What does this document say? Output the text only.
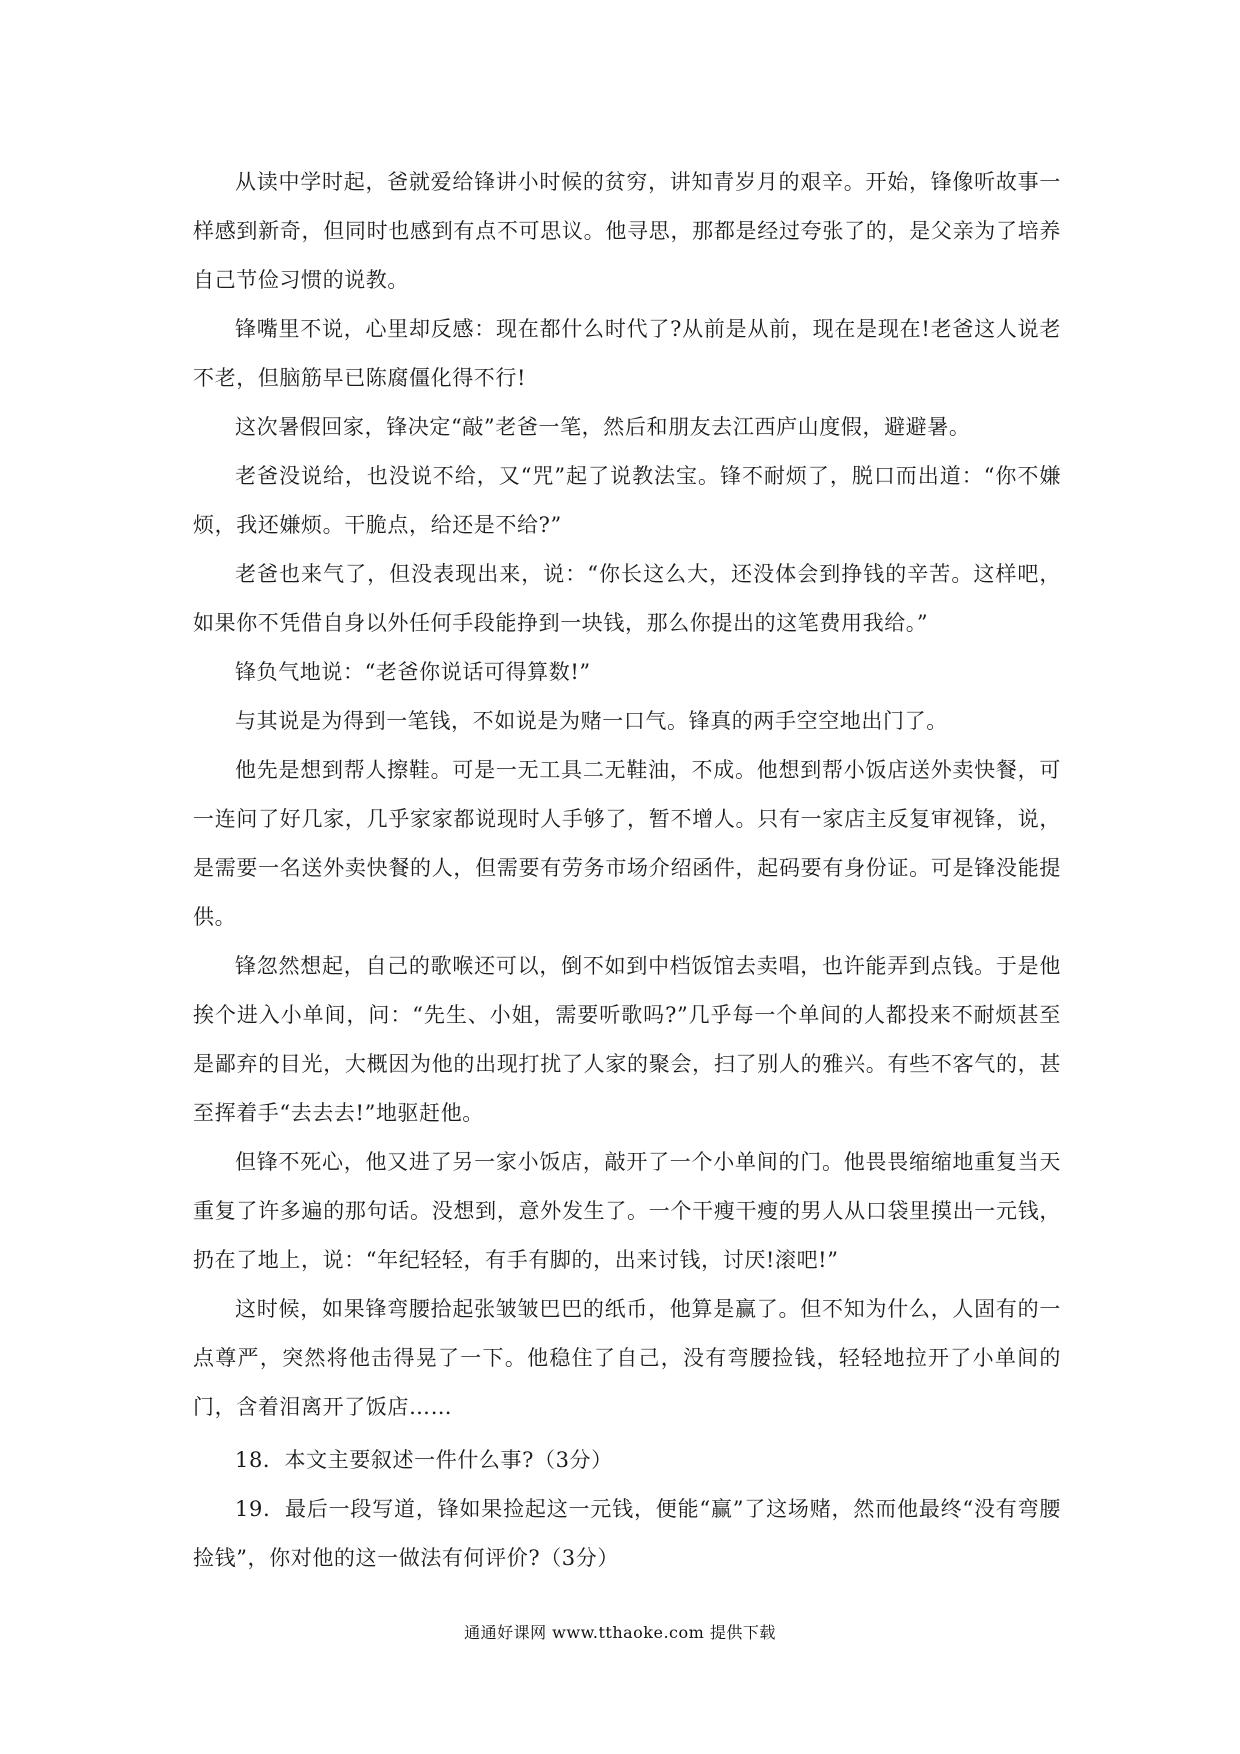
从读中学时起，爸就爱给锋讲小时候的贫穷，讲知青岁月的艰辛。开始，锋像听故事一样感到新奇，但同时也感到有点不可思议。他寻思，那都是经过夸张了的，是父亲为了培养自己节俭习惯的说教。

锋嘴里不说，心里却反感：现在都什么时代了?从前是从前，现在是现在!老爸这人说老不老，但脑筋早已陈腐僵化得不行!

这次暑假回家，锋决定“敲”老爸一笔，然后和朋友去江西庐山度假，避避暑。

老爸没说给，也没说不给，又“咒”起了说教法宝。锋不耐烦了，脱口而出道：“你不嫌烦，我还嫌烦。干脆点，给还是不给?”

老爸也来气了，但没表现出来，说：“你长这么大，还没体会到挣钱的辛苦。这样吧，如果你不凭借自身以外任何手段能挣到一块钱，那么你提出的这笔费用我给。”

锋负气地说：“老爸你说话可得算数!”

与其说是为得到一笔钱，不如说是为赌一口气。锋真的两手空空地出门了。

他先是想到帮人擦鞋。可是一无工具二无鞋油，不成。他想到帮小饭店送外卖快餐，可一连问了好几家，几乎家家都说现时人手够了，暂不增人。只有一家店主反复审视锋，说，是需要一名送外卖快餐的人，但需要有劳务市场介绍函件，起码要有身份证。可是锋没能提供。

锋忽然想起，自己的歌喉还可以，倒不如到中档饭馆去卖唱，也许能弄到点钱。于是他挨个进入小单间，问：“先生、小姐，需要听歌吗?”几乎每一个单间的人都投来不耐烦甚至是鄙弃的目光，大概因为他的出现打扰了人家的聚会，扫了别人的雅兴。有些不客气的，甚至挥着手“去去去!”地驱赶他。

但锋不死心，他又进了另一家小饭店，敲开了一个小单间的门。他畏畏缩缩地重复当天重复了许多遍的那句话。没想到，意外发生了。一个干瘦干瘦的男人从口袋里摸出一元钱，扔在了地上，说：“年纪轻轻，有手有脚的，出来讨钱，讨厌!滚吧!”

这时候，如果锋弯腰拾起张皱皱巴巴的纸币，他算是赢了。但不知为什么，人固有的一点尊严，突然将他击得晃了一下。他稳住了自己，没有弯腰捡钱，轻轻地拉开了小单间的门，含着泪离开了饭店……

18．本文主要叙述一件什么事?（3分）

19．最后一段写道，锋如果捡起这一元钱，便能“赢”了这场赌，然而他最终“没有弯腰捡钱”，你对他的这一做法有何评价?（3分）

通通好课网 www.tthaoke.com 提供下载
